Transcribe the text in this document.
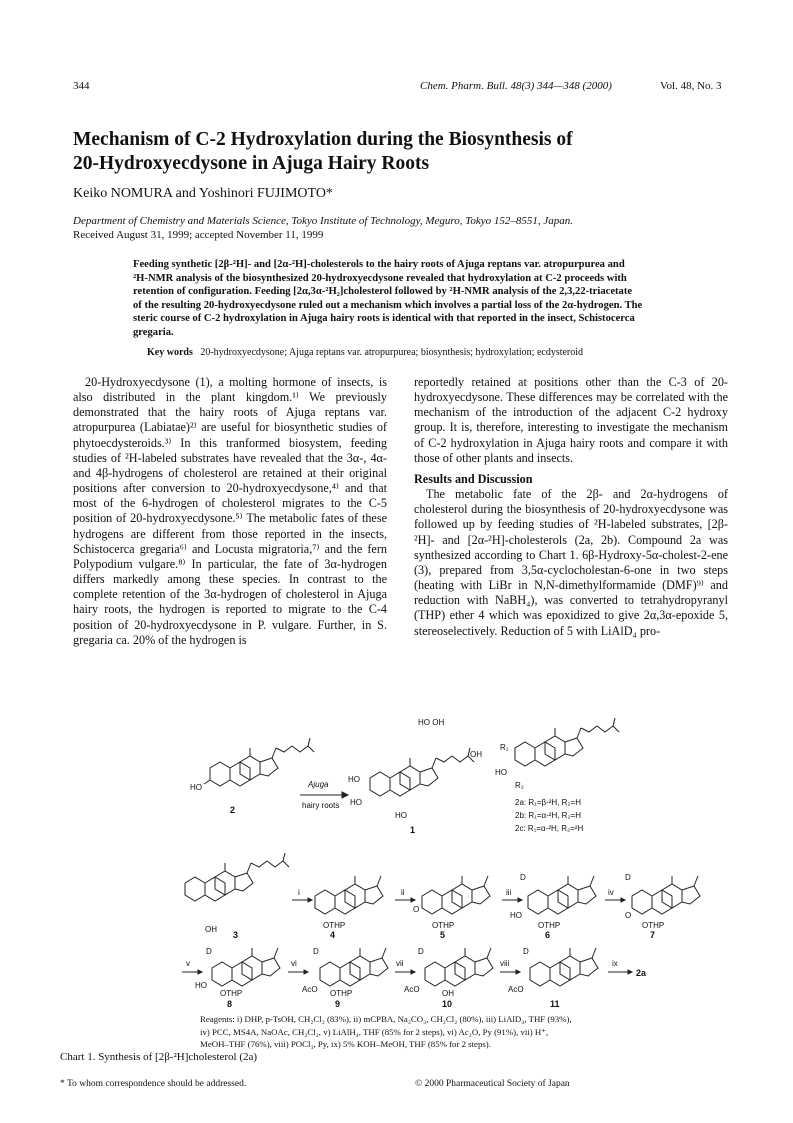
344	Chem. Pharm. Bull. 48(3) 344—348 (2000)	Vol. 48, No. 3
Mechanism of C-2 Hydroxylation during the Biosynthesis of
20-Hydroxyecdysone in Ajuga Hairy Roots
Keiko NOMURA and Yoshinori FUJIMOTO*
Department of Chemistry and Materials Science, Tokyo Institute of Technology, Meguro, Tokyo 152–8551, Japan.
Received August 31, 1999; accepted November 11, 1999
Feeding synthetic [2β-²H]- and [2α-²H]-cholesterols to the hairy roots of Ajuga reptans var. atropurpurea and
²H-NMR analysis of the biosynthesized 20-hydroxyecdysone revealed that hydroxylation at C-2 proceeds with
retention of configuration. Feeding [2α,3α-²H₂]cholesterol followed by ²H-NMR analysis of the 2,3,22-triacetate
of the resulting 20-hydroxyecdysone ruled out a mechanism which involves a partial loss of the 2α-hydrogen. The
steric course of C-2 hydroxylation in Ajuga hairy roots is identical with that reported in the insect, Schistocerca
gregaria.
Key words 20-hydroxyecdysone; Ajuga reptans var. atropurpurea; biosynthesis; hydroxylation; ecdysteroid

20-Hydroxyecdysone (1), a molting hormone of insects, is also distributed in the plant kingdom.¹⁾ We previously demonstrated that the hairy roots of Ajuga reptans var. atropurpurea (Labiatae)²⁾ are useful for biosynthetic studies of phytoecdysteroids.³⁾ In this tranformed biosystem, feeding studies of ²H-labeled substrates have revealed that the 3α-, 4α- and 4β-hydrogens of cholesterol are retained at their original positions after conversion to 20-hydroxyecdysone,⁴⁾ and that most of the 6-hydrogen of cholesterol migrates to the C-5 position of 20-hydroxyecdysone.⁵⁾ The metabolic fates of these hydrogens are different from those reported in the insects, Schistocerca gregaria⁶⁾ and Locusta migratoria,⁷⁾ and the fern Polypodium vulgare.⁸⁾ In particular, the fate of 3α-hydrogen differs markedly among these species. In contrast to the complete retention of the 3α-hydrogen of cholesterol in Ajuga hairy roots, the hydrogen is reported to migrate to the C-4 position of 20-hydroxyecdysone in P. vulgare. Further, in S. gregaria ca. 20% of the hydrogen is

reportedly retained at positions other than the C-3 of 20-hydroxyecdysone. These differences may be correlated with the mechanism of the introduction of the adjacent C-2 hydroxy group. It is, therefore, interesting to investigate the mechanism of C-2 hydroxylation in Ajuga hairy roots and compare it with those of other plants and insects.

Results and Discussion

The metabolic fate of the 2β- and 2α-hydrogens of cholesterol during the biosynthesis of 20-hydroxyecdysone was followed up by feeding studies of ²H-labeled substrates, [2β-²H]- and [2α-²H]-cholesterols (2a, 2b). Compound 2a was synthesized according to Chart 1. 6β-Hydroxy-5α-cholest-2-ene (3), prepared from 3,5α-cyclocholestan-6-one in two steps (heating with LiBr in N,N-dimethylformamide (DMF)⁹⁾ and reduction with NaBH₄), was converted to tetrahydropyranyl (THP) ether 4 which was epoxidized to give 2α,3α-epoxide 5, stereoselectively. Reduction of 5 with LiAlD₄ pro-

HO
2
Ajuga
hairy roots
HO OH
OH
HO
HO
HO
1
R₁
HO
R₂
2a: R₁=β-²H, R₂=H
2b: R₁=α-²H, R₂=H
2c: R₁=α-²H, R₂=²H
OH
3
i
OTHP
4
ii
O
OTHP
5
iii
D
HO
OTHP
6
iv
D
O
OTHP
7
v
D
HO
OTHP
8
vi
D
AcO OTHP
9
vii
D
AcO	OH
10
viii
D
AcO
11
ix
2a
Reagents: i) DHP, p-TsOH, CH₂Cl₂ (83%), ii) mCPBA, Na₂CO₃, CH₂Cl₂ (80%), iii) LiAlD₄, THF (93%),
iv) PCC, MS4A, NaOAc, CH₂Cl₂, v) LiAlH₄, THF (85% for 2 steps), vi) Ac₂O, Py (91%), vii) H⁺,
MeOH–THF (76%), viii) POCl₃, Py, ix) 5% KOH–MeOH, THF (85% for 2 steps).
Chart 1. Synthesis of [2β-²H]cholesterol (2a)
* To whom correspondence should be addressed.	© 2000 Pharmaceutical Society of Japan
